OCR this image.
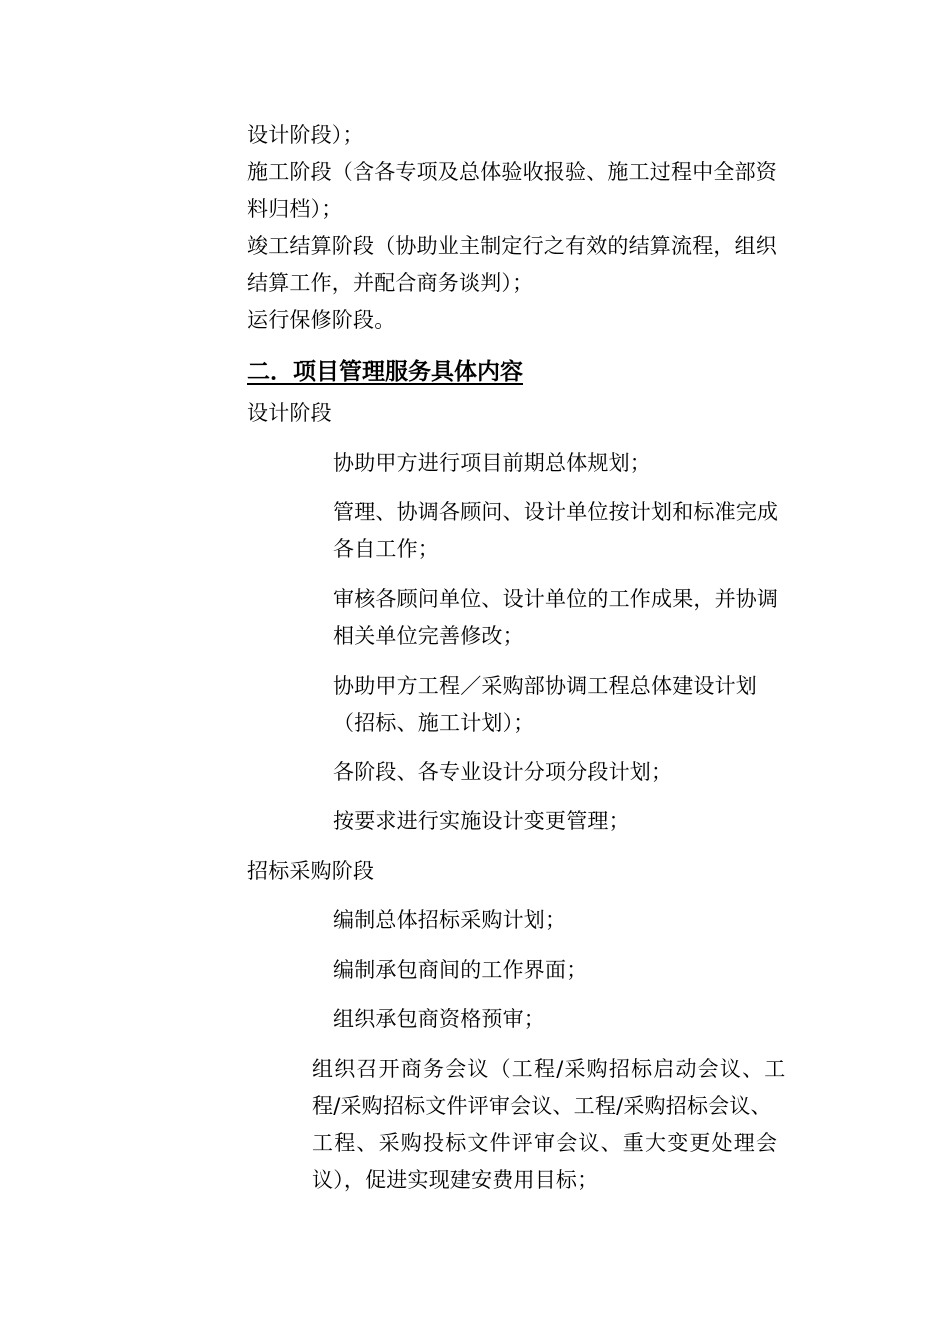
设计阶段）；
施工阶段（含各专项及总体验收报验、施工过程中全部资
料归档）；
竣工结算阶段（协助业主制定行之有效的结算流程，组织
结算工作，并配合商务谈判）；
运行保修阶段。
二．项目管理服务具体内容
设计阶段
协助甲方进行项目前期总体规划；
管理、协调各顾问、设计单位按计划和标准完成
各自工作；
审核各顾问单位、设计单位的工作成果，并协调
相关单位完善修改；
协助甲方工程／采购部协调工程总体建设计划
（招标、施工计划）；
各阶段、各专业设计分项分段计划；
按要求进行实施设计变更管理；
招标采购阶段
编制总体招标采购计划；
编制承包商间的工作界面；
组织承包商资格预审；
组织召开商务会议（工程/采购招标启动会议、工
程/采购招标文件评审会议、工程/采购招标会议、
工程、采购投标文件评审会议、重大变更处理会
议），促进实现建安费用目标；
